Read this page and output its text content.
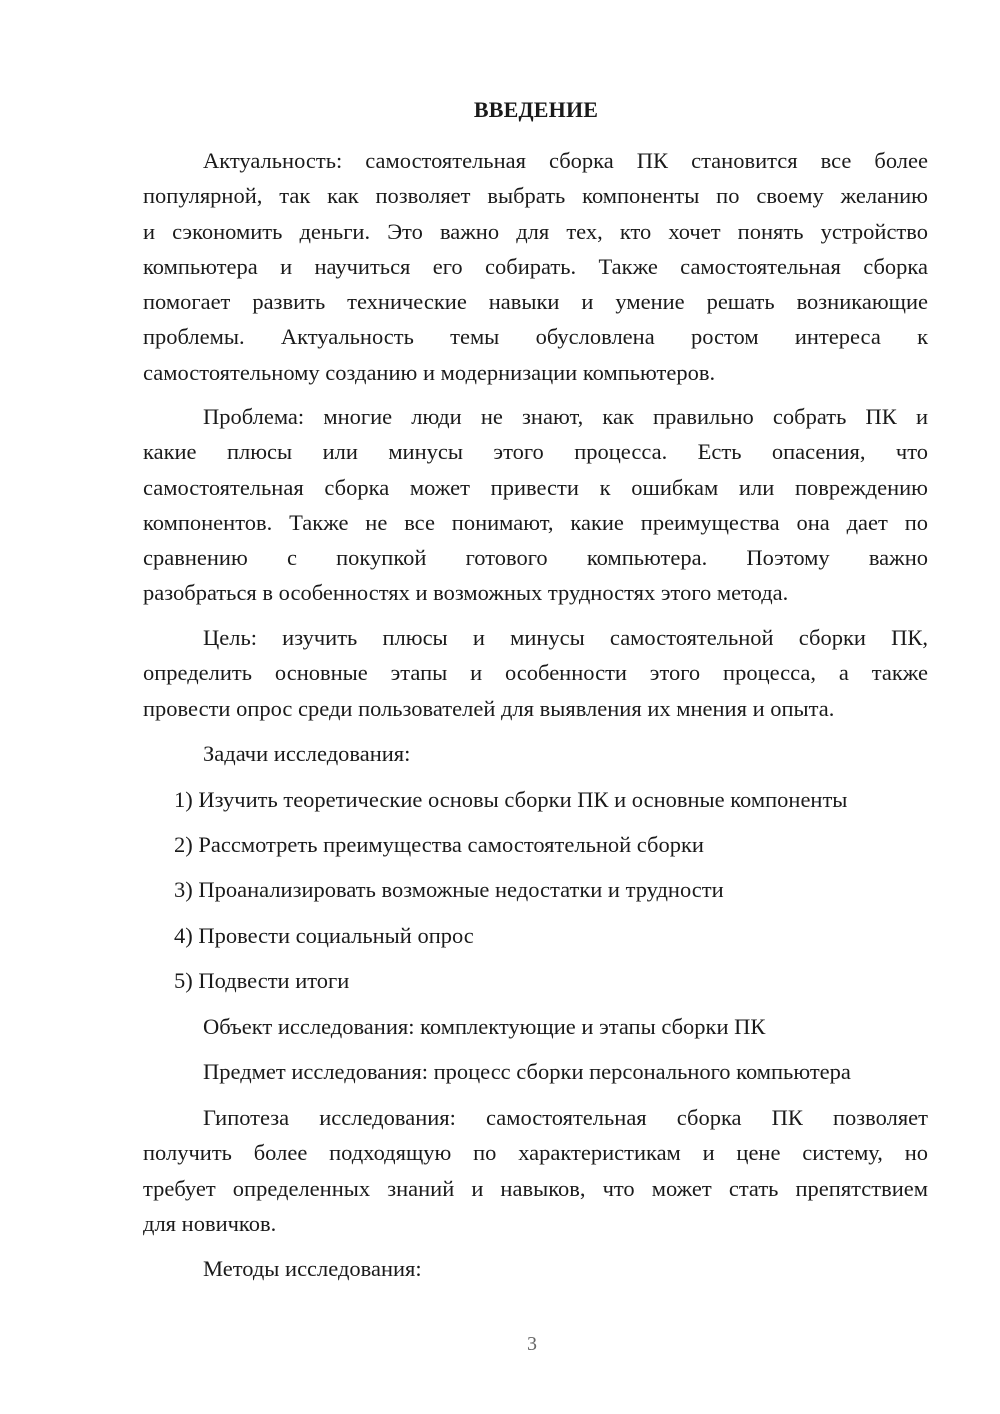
ВВЕДЕНИЕ
Актуальность: самостоятельная сборка ПК становится все более
популярной, так как позволяет выбрать компоненты по своему желанию
и сэкономить деньги. Это важно для тех, кто хочет понять устройство
компьютера и научиться его собирать. Также самостоятельная сборка
помогает развить технические навыки и умение решать возникающие
проблемы. Актуальность темы обусловлена ростом интереса к
самостоятельному созданию и модернизации компьютеров.
Проблема: многие люди не знают, как правильно собрать ПК и
какие плюсы или минусы этого процесса. Есть опасения, что
самостоятельная сборка может привести к ошибкам или повреждению
компонентов. Также не все понимают, какие преимущества она дает по
сравнению с покупкой готового компьютера. Поэтому важно
разобраться в особенностях и возможных трудностях этого метода.
Цель: изучить плюсы и минусы самостоятельной сборки ПК,
определить основные этапы и особенности этого процесса, а также
провести опрос среди пользователей для выявления их мнения и опыта.
Задачи исследования:
1) Изучить теоретические основы сборки ПК и основные компоненты
2) Рассмотреть преимущества самостоятельной сборки
3) Проанализировать возможные недостатки и трудности
4) Провести социальный опрос
5) Подвести итоги
Объект исследования: комплектующие и этапы сборки ПК
Предмет исследования: процесс сборки персонального компьютера
Гипотеза исследования: самостоятельная сборка ПК позволяет
получить более подходящую по характеристикам и цене систему, но
требует определенных знаний и навыков, что может стать препятствием
для новичков.
Методы исследования:
3
